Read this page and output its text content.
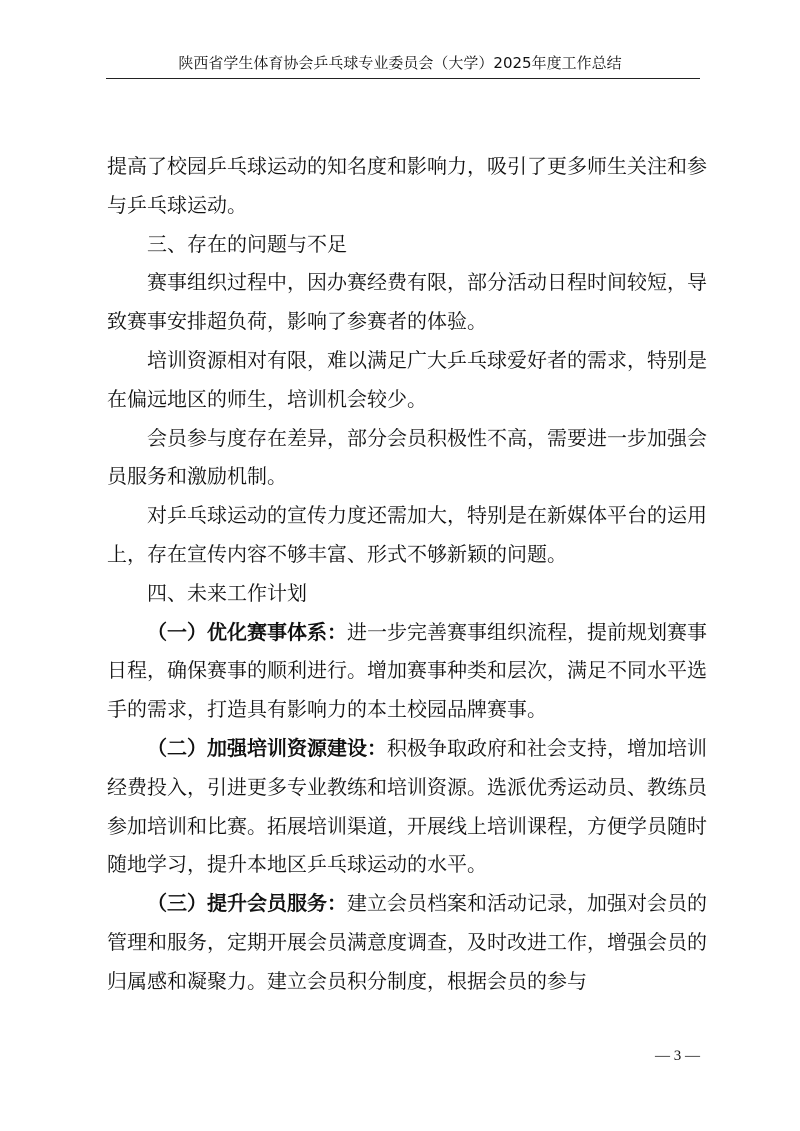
陕西省学生体育协会乒乓球专业委员会（大学）2025年度工作总结

提高了校园乒乓球运动的知名度和影响力，吸引了更多师生关注和参与乒乓球运动。

三、存在的问题与不足

赛事组织过程中，因办赛经费有限，部分活动日程时间较短，导致赛事安排超负荷，影响了参赛者的体验。

培训资源相对有限，难以满足广大乒乓球爱好者的需求，特别是在偏远地区的师生，培训机会较少。

会员参与度存在差异，部分会员积极性不高，需要进一步加强会员服务和激励机制。

对乒乓球运动的宣传力度还需加大，特别是在新媒体平台的运用上，存在宣传内容不够丰富、形式不够新颖的问题。

四、未来工作计划

（一）优化赛事体系：进一步完善赛事组织流程，提前规划赛事日程，确保赛事的顺利进行。增加赛事种类和层次，满足不同水平选手的需求，打造具有影响力的本土校园品牌赛事。

（二）加强培训资源建设：积极争取政府和社会支持，增加培训经费投入，引进更多专业教练和培训资源。选派优秀运动员、教练员参加培训和比赛。拓展培训渠道，开展线上培训课程，方便学员随时随地学习，提升本地区乒乓球运动的水平。

（三）提升会员服务：建立会员档案和活动记录，加强对会员的管理和服务，定期开展会员满意度调查，及时改进工作，增强会员的归属感和凝聚力。建立会员积分制度，根据会员的参与

— 3 —
